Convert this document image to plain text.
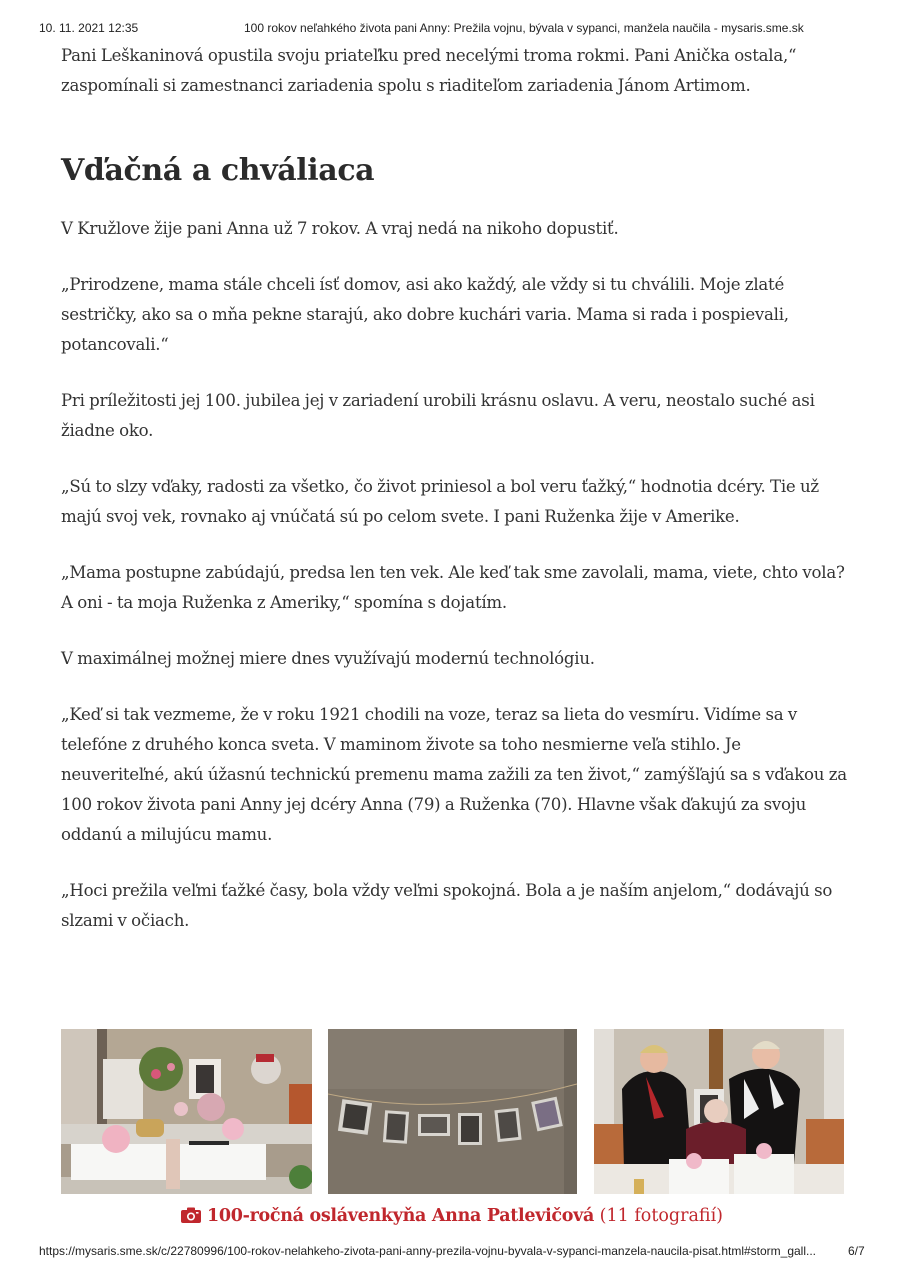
10. 11. 2021 12:35	100 rokov neľahkého života pani Anny: Prežila vojnu, bývala v sypanci, manžela naučila - mysaris.sme.sk

Pani Leškaninová opustila svoju priateľku pred necelými troma rokmi. Pani Anička ostala,“ zaspomínali si zamestnanci zariadenia spolu s riaditeľom zariadenia Jánom Artimom.

Vďačná a chváliaca

V Kružlove žije pani Anna už 7 rokov. A vraj nedá na nikoho dopustiť.

„Prirodzene, mama stále chceli ísť domov, asi ako každý, ale vždy si tu chválili. Moje zlaté sestričky, ako sa o mňa pekne starajú, ako dobre kuchári varia. Mama si rada i pospievali, potancovali.“

Pri príležitosti jej 100. jubilea jej v zariadení urobili krásnu oslavu. A veru, neostalo suché asi žiadne oko.

„Sú to slzy vďaky, radosti za všetko, čo život priniesol a bol veru ťažký,“ hodnotia dcéry. Tie už majú svoj vek, rovnako aj vnúčatá sú po celom svete. I pani Ruženka žije v Amerike.

„Mama postupne zabúdajú, predsa len ten vek. Ale keď tak sme zavolali, mama, viete, chto vola? A oni - ta moja Ruženka z Ameriky,“ spomína s dojatím.

V maximálnej možnej miere dnes využívajú modernú technológiu.

„Keď si tak vezmeme, že v roku 1921 chodili na voze, teraz sa lieta do vesmíru. Vidíme sa v telefóne z druhého konca sveta. V maminom živote sa toho nesmierne veľa stihlo. Je neuveriteľné, akú úžasnú technickú premenu mama zažili za ten život,“ zamýšľajú sa s vďakou za 100 rokov života pani Anny jej dcéry Anna (79) a Ruženka (70). Hlavne však ďakujú za svoju oddanú a milujúcu mamu.

„Hoci prežila veľmi ťažké časy, bola vždy veľmi spokojná. Bola a je naším anjelom,“ dodávajú so slzami v očiach.

100-ročná oslávenkyňa Anna Patlevičová (11 fotografií)
https://mysaris.sme.sk/c/22780996/100-rokov-nelahkeho-zivota-pani-anny-prezila-vojnu-byvala-v-sypanci-manzela-naucila-pisat.html#storm_gall...	6/7
